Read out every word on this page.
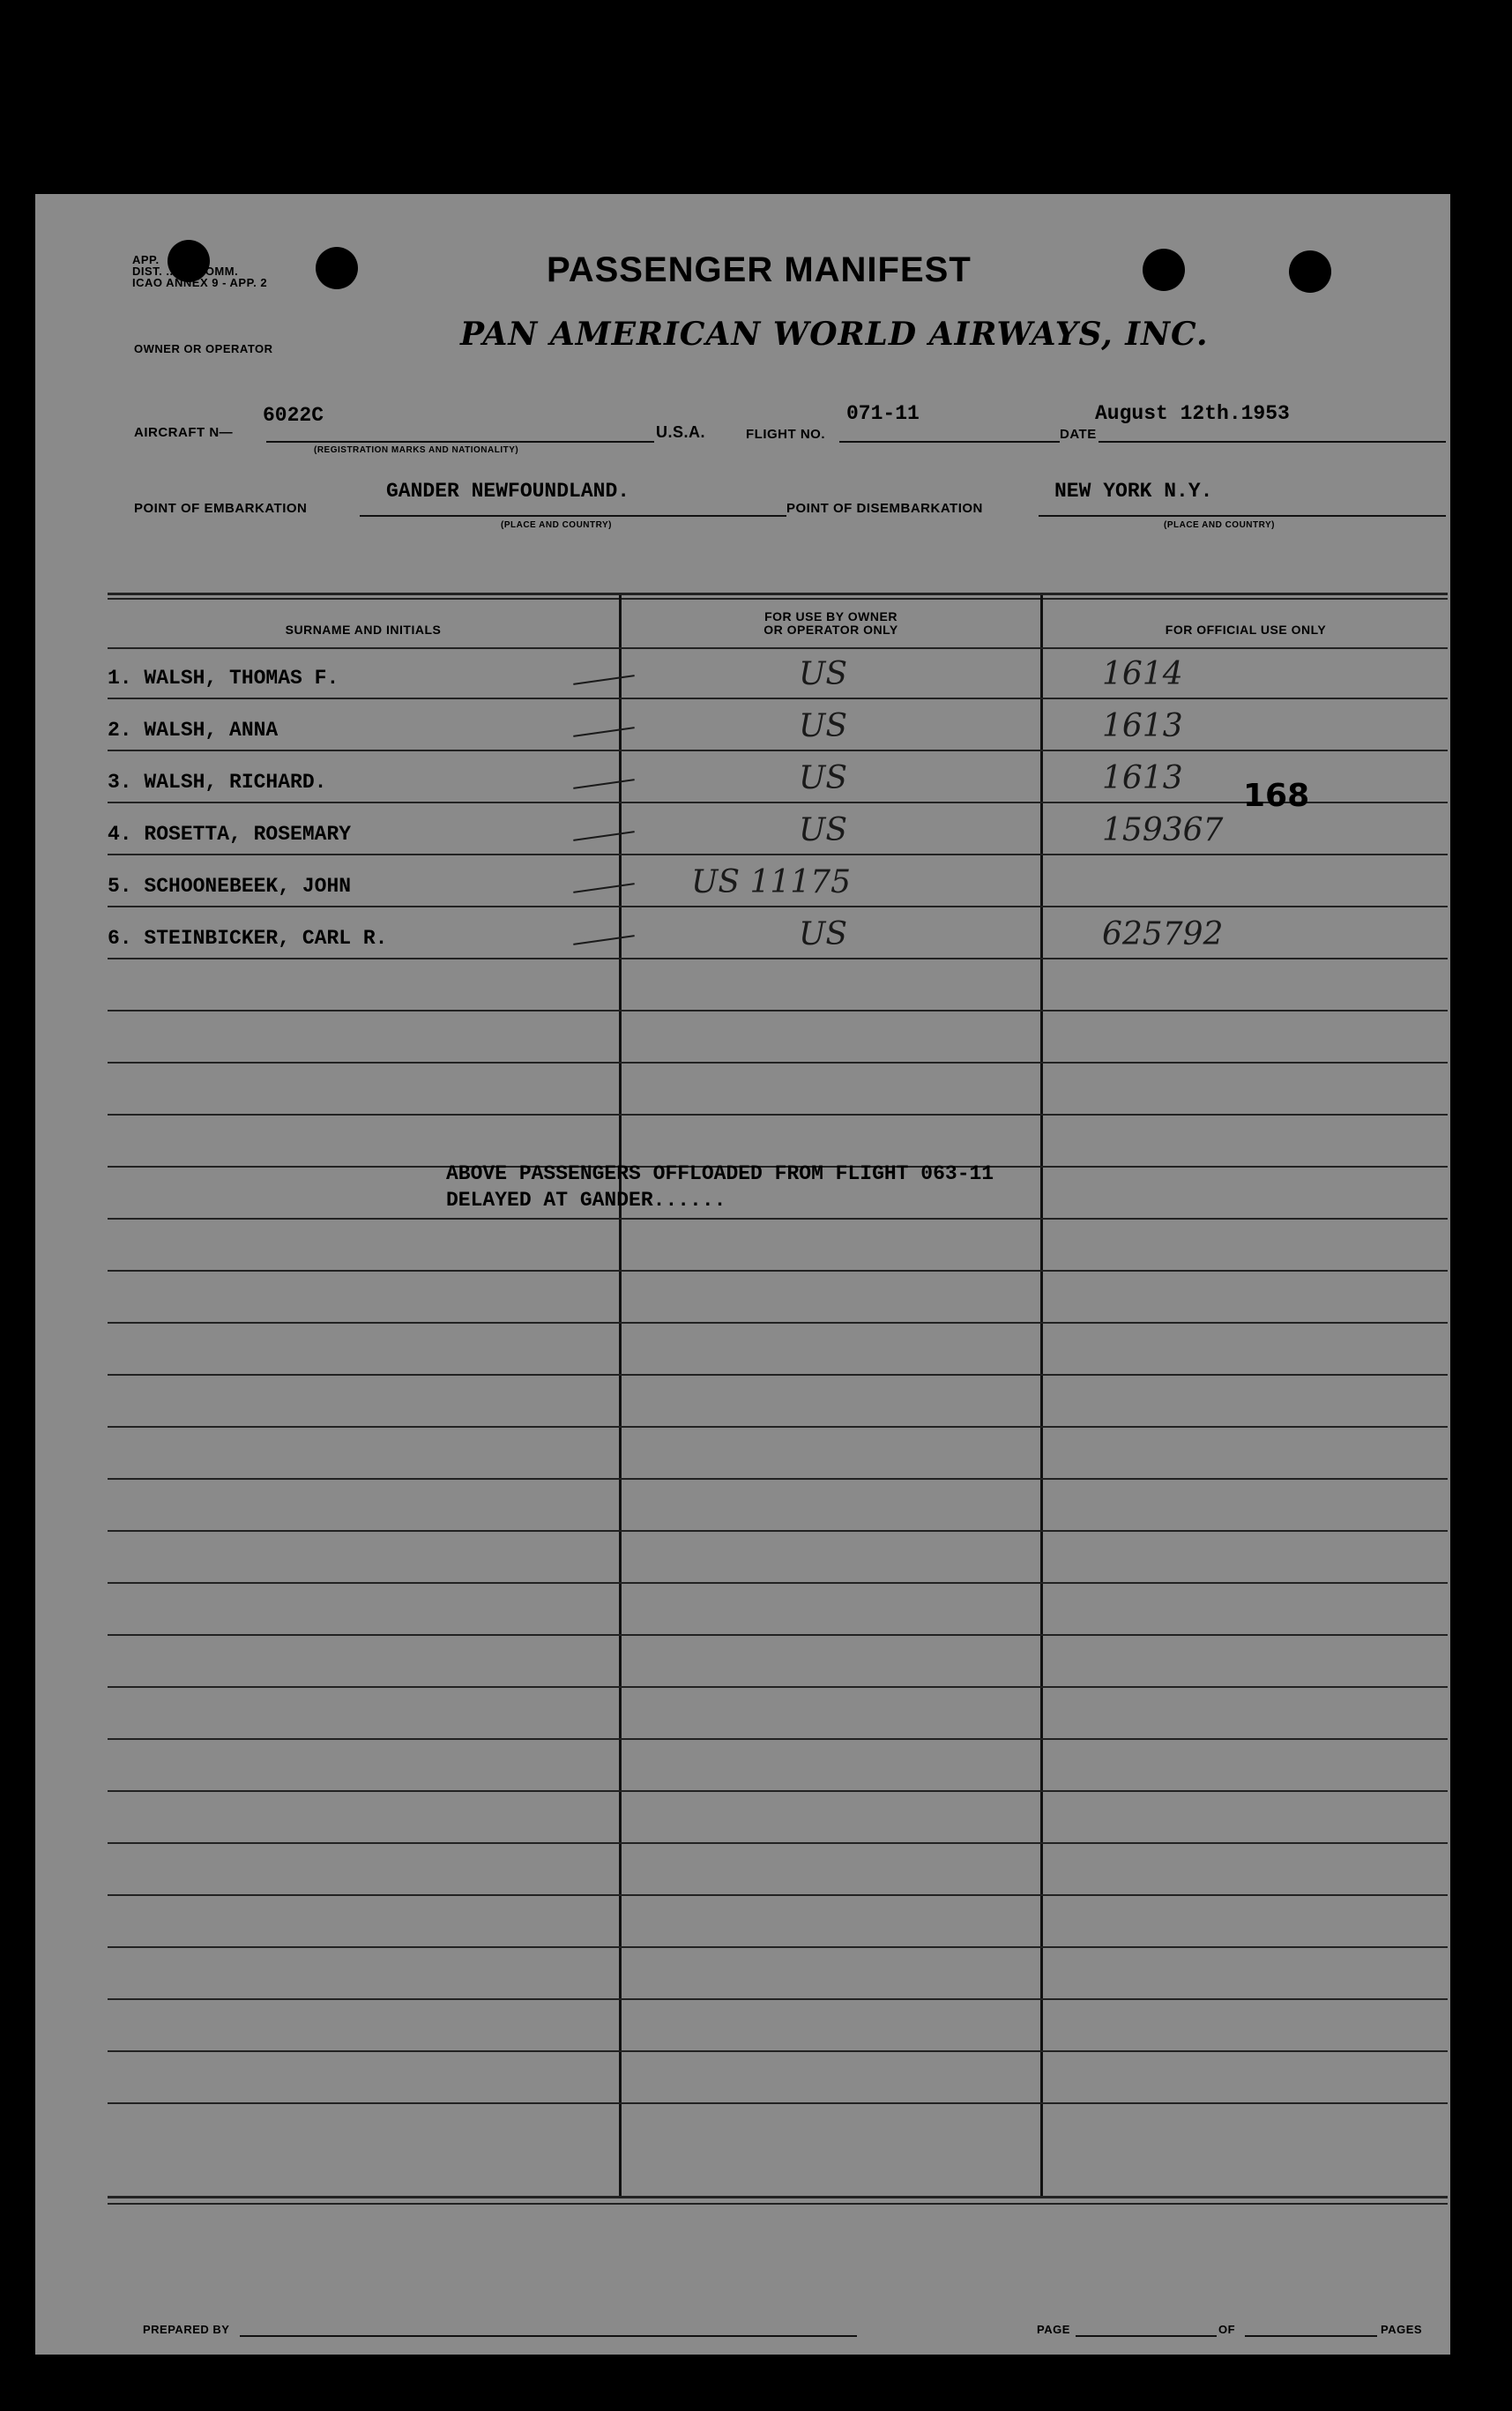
APP.
DIST. ...AL COMM.
ICAO ANNEX 9 - APP. 2	PASSENGER MANIFEST
OWNER OR OPERATOR	PAN AMERICAN WORLD AIRWAYS, INC.
AIRCRAFT N—
6022C
(REGISTRATION MARKS AND NATIONALITY)
U.S.A.	FLIGHT NO.
071-11
DATE
August 12th.1953
POINT OF EMBARKATION
GANDER NEWFOUNDLAND.
(PLACE AND COUNTRY)
POINT OF DISEMBARKATION
NEW YORK N.Y.
(PLACE AND COUNTRY)
SURNAME AND INITIALS
FOR USE BY OWNER
OR OPERATOR ONLY	FOR OFFICIAL USE ONLY
1. WALSH, THOMAS F.	US	1614
2. WALSH, ANNA	US	1613
3. WALSH, RICHARD.	US	1613
4. ROSETTA, ROSEMARY	US	159367
5. SCHOONEBEEK, JOHN	US 11175
6. STEINBICKER, CARL R.	US	625792
168
ABOVE PASSENGERS OFFLOADED FROM FLIGHT 063-11
DELAYED AT GANDER......
PREPARED BY	PAGE	OF	PAGES
